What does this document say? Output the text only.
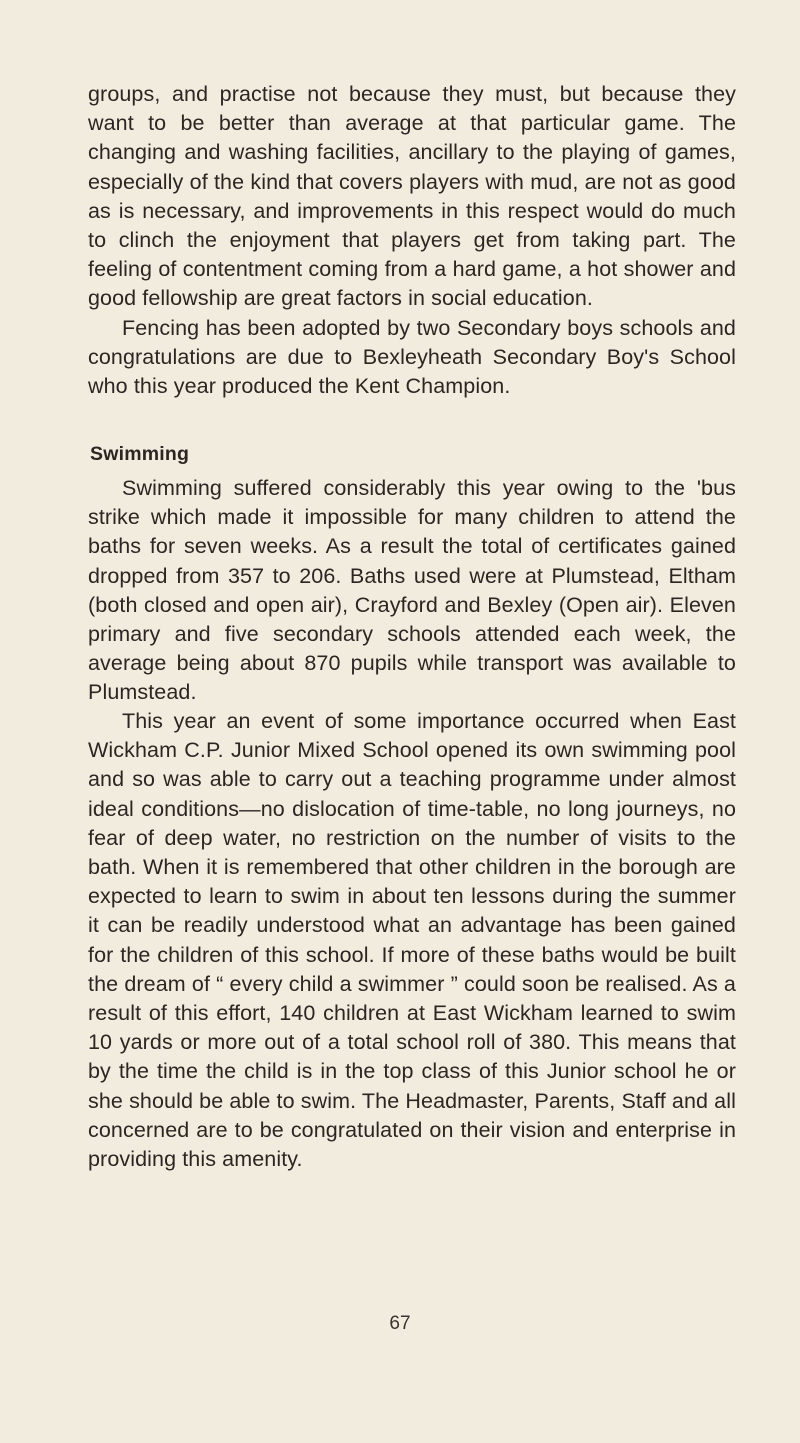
groups, and practise not because they must, but because they want to be better than average at that particular game. The changing and washing facilities, ancillary to the playing of games, especially of the kind that covers players with mud, are not as good as is necessary, and improvements in this respect would do much to clinch the enjoyment that players get from taking part. The feeling of contentment coming from a hard game, a hot shower and good fellowship are great factors in social education.

Fencing has been adopted by two Secondary boys schools and congratulations are due to Bexleyheath Secondary Boy's School who this year produced the Kent Champion.

Swimming

Swimming suffered considerably this year owing to the 'bus strike which made it impossible for many children to attend the baths for seven weeks. As a result the total of certificates gained dropped from 357 to 206. Baths used were at Plumstead, Eltham (both closed and open air), Crayford and Bexley (Open air). Eleven primary and five secondary schools attended each week, the average being about 870 pupils while transport was available to Plumstead.

This year an event of some importance occurred when East Wickham C.P. Junior Mixed School opened its own swimming pool and so was able to carry out a teaching programme under almost ideal conditions—no dislocation of time-table, no long journeys, no fear of deep water, no restriction on the number of visits to the bath. When it is remembered that other children in the borough are expected to learn to swim in about ten lessons during the summer it can be readily understood what an advantage has been gained for the children of this school. If more of these baths would be built the dream of “ every child a swimmer ” could soon be realised. As a result of this effort, 140 children at East Wickham learned to swim 10 yards or more out of a total school roll of 380. This means that by the time the child is in the top class of this Junior school he or she should be able to swim. The Headmaster, Parents, Staff and all concerned are to be congratulated on their vision and enterprise in providing this amenity.

67
